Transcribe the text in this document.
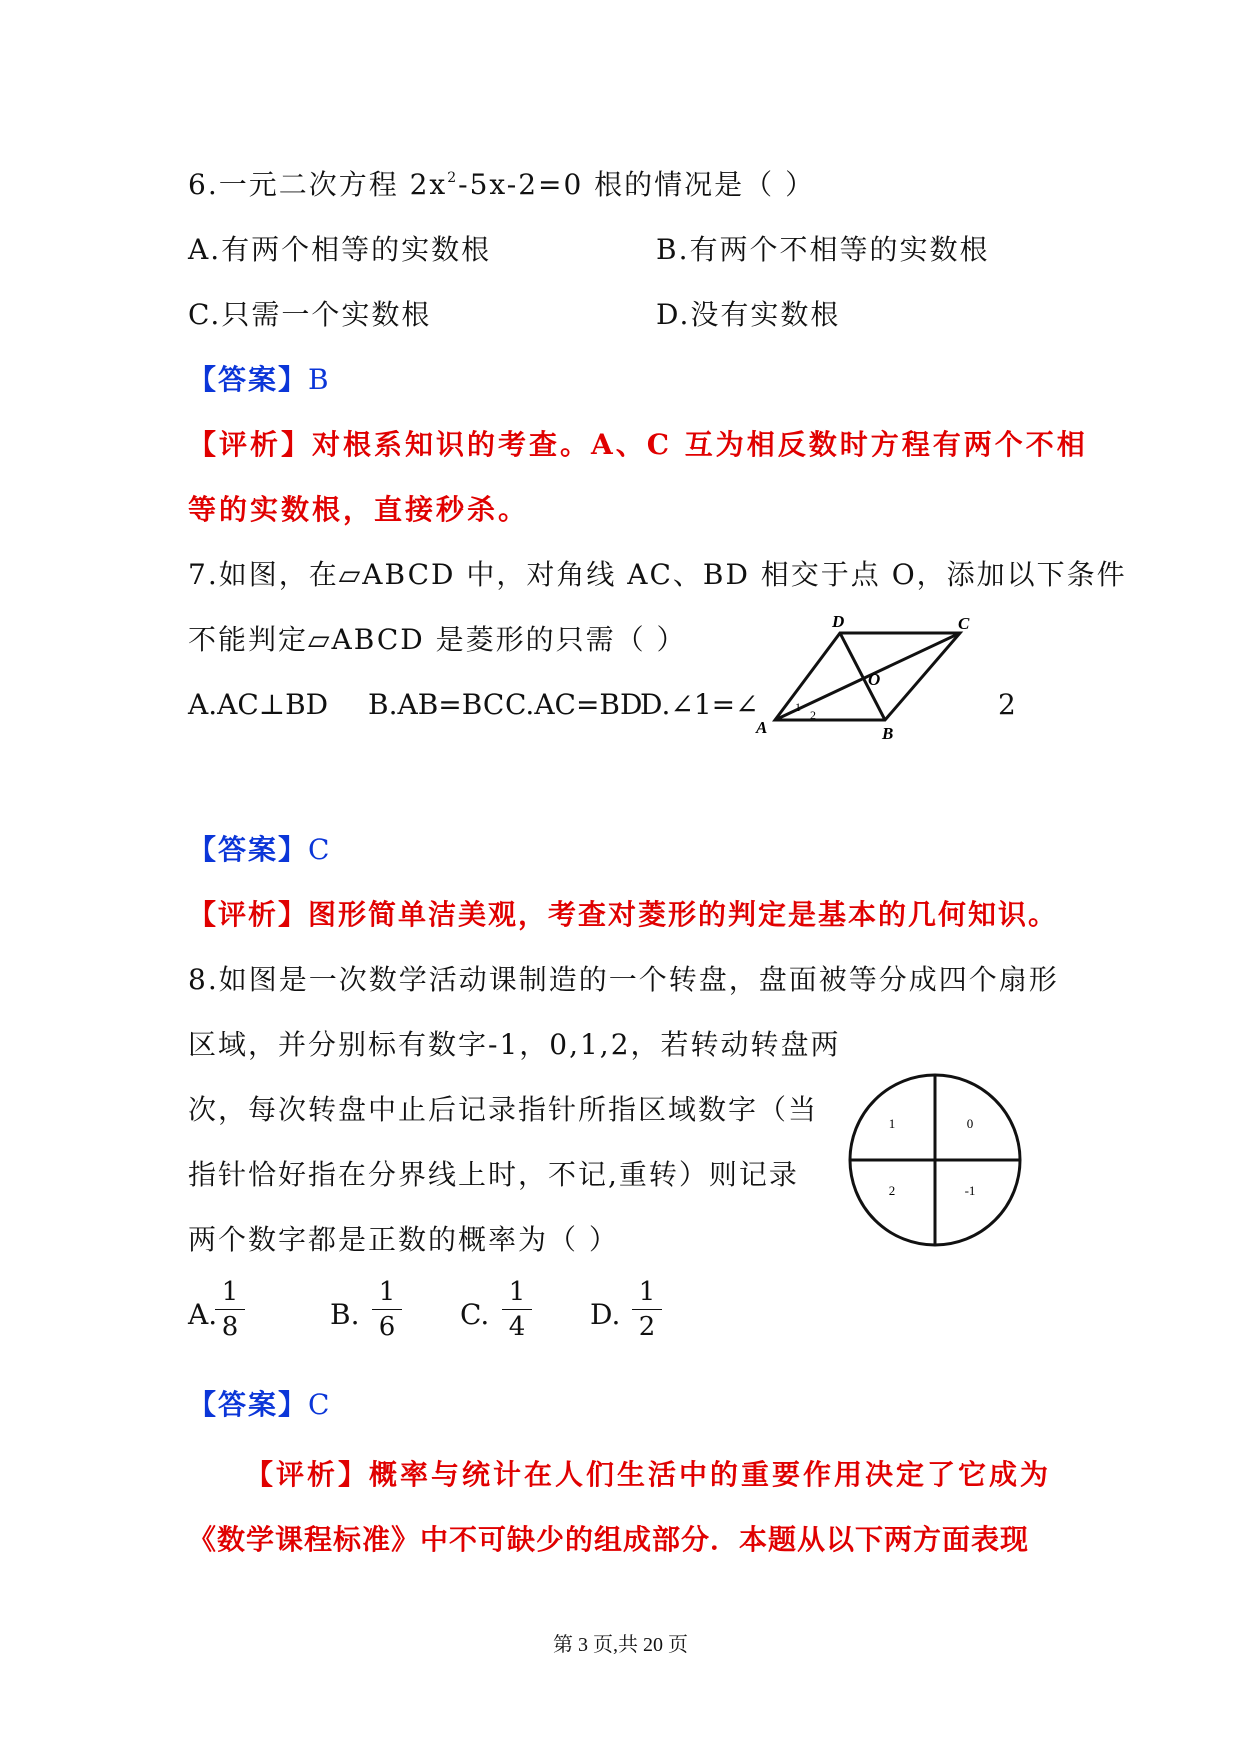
6.一元二次方程 $2x^2-5x-2=0$ 根的情况是（ ）
A.有两个相等的实数根	B.有两个不相等的实数根
C.只需一个实数根	D.没有实数根
【答案】B
【评析】对根系知识的考查。A、C 互为相反数时方程有两个不相
等的实数根，直接秒杀。
7.如图，在▱ABCD 中，对角线 AC、BD 相交于点 O，添加以下条件
不能判定▱ABCD 是菱形的只需（ ）
A.AC⊥BD B.AB=BC C.AC=BD
D.∠1=∠	2
D	C
O
A	B
1
2
【答案】C
【评析】图形简单洁美观，考查对菱形的判定是基本的几何知识。
8.如图是一次数学活动课制造的一个转盘，盘面被等分成四个扇形
区域，并分别标有数字-1，0,1,2，若转动转盘两
次，每次转盘中止后记录指针所指区域数字（当
指针恰好指在分界线上时，不记,重转）则记录
两个数字都是正数的概率为（ ）
1	0
2	-1
A.
1
8	B.
1
6 C.
1
4 D.
1
2
【答案】C
【评析】概率与统计在人们生活中的重要作用决定了它成为
《数学课程标准》中不可缺少的组成部分．本题从以下两方面表现
第 3 页,共 20 页
